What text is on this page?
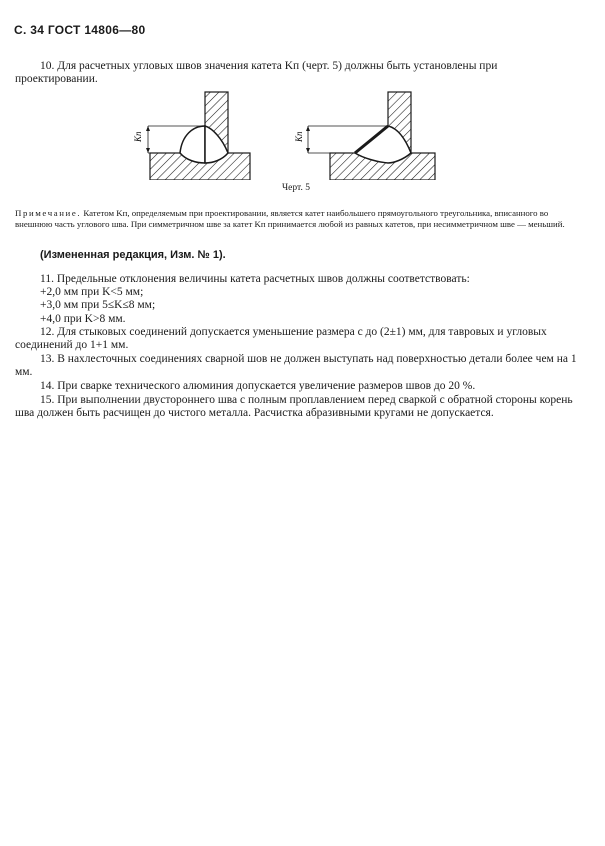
С. 34 ГОСТ 14806—80
10. Для расчетных угловых швов значения катета Kп (черт. 5) должны быть установлены при проектировании.
Kп	Kп
Черт. 5
Примечание. Катетом Kп, определяемым при проектировании, является катет наибольшего прямоугольного треугольника, вписанного во внешнюю часть углового шва. При симметричном шве за катет Kп принимается любой из равных катетов, при несимметричном шве — меньший.
(Измененная редакция, Изм. № 1).
11. Предельные отклонения величины катета расчетных швов должны соответствовать:
+2,0 мм при K<5 мм;
+3,0 мм при 5≤K≤8 мм;
+4,0 при K>8 мм.
12. Для стыковых соединений допускается уменьшение размера c до (2±1) мм, для тавровых и угловых соединений до 1+1 мм.
13. В нахлесточных соединениях сварной шов не должен выступать над поверхностью детали более чем на 1 мм.
14. При сварке технического алюминия допускается увеличение размеров швов до 20 %.
15. При выполнении двустороннего шва с полным проплавлением перед сваркой с обратной стороны корень шва должен быть расчищен до чистого металла. Расчистка абразивными кругами не допускается.
